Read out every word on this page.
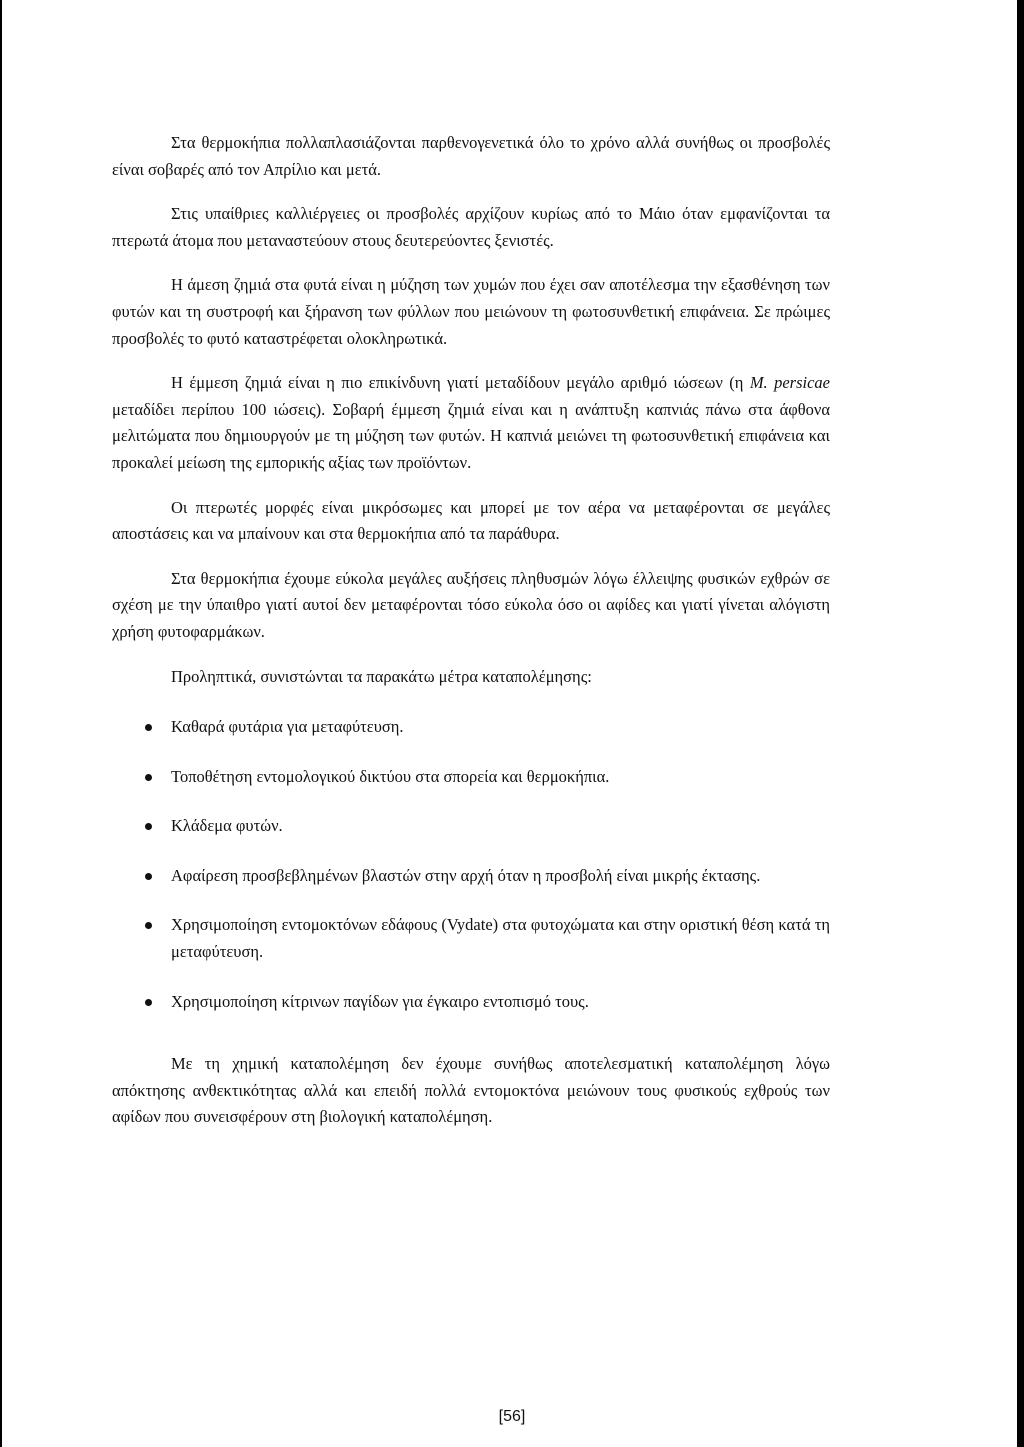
Στα θερμοκήπια πολλαπλασιάζονται παρθενογενετικά όλο το χρόνο αλλά συνήθως οι προσβολές είναι σοβαρές από τον Απρίλιο και μετά.

Στις υπαίθριες καλλιέργειες οι προσβολές αρχίζουν κυρίως από το Μάιο όταν εμφανίζονται τα πτερωτά άτομα που μεταναστεύουν στους δευτερεύοντες ξενιστές.

Η άμεση ζημιά στα φυτά είναι η μύζηση των χυμών που έχει σαν αποτέλεσμα την εξασθένηση των φυτών και τη συστροφή και ξήρανση των φύλλων που μειώνουν τη φωτοσυνθετική επιφάνεια. Σε πρώιμες προσβολές το φυτό καταστρέφεται ολοκληρωτικά.

Η έμμεση ζημιά είναι η πιο επικίνδυνη γιατί μεταδίδουν μεγάλο αριθμό ιώσεων (η M. persicae μεταδίδει περίπου 100 ιώσεις). Σοβαρή έμμεση ζημιά είναι και η ανάπτυξη καπνιάς πάνω στα άφθονα μελιτώματα που δημιουργούν με τη μύζηση των φυτών. Η καπνιά μειώνει τη φωτοσυνθετική επιφάνεια και προκαλεί μείωση της εμπορικής αξίας των προϊόντων.

Οι πτερωτές μορφές είναι μικρόσωμες και μπορεί με τον αέρα να μεταφέρονται σε μεγάλες αποστάσεις και να μπαίνουν και στα θερμοκήπια από τα παράθυρα.

Στα θερμοκήπια έχουμε εύκολα μεγάλες αυξήσεις πληθυσμών λόγω έλλειψης φυσικών εχθρών σε σχέση με την ύπαιθρο γιατί αυτοί δεν μεταφέρονται τόσο εύκολα όσο οι αφίδες και γιατί γίνεται αλόγιστη χρήση φυτοφαρμάκων.

Προληπτικά, συνιστώνται τα παρακάτω μέτρα καταπολέμησης:

Καθαρά φυτάρια για μεταφύτευση.
Τοποθέτηση εντομολογικού δικτύου στα σπορεία και θερμοκήπια.
Κλάδεμα φυτών.
Αφαίρεση προσβεβλημένων βλαστών στην αρχή όταν η προσβολή είναι μικρής έκτασης.
Χρησιμοποίηση εντομοκτόνων εδάφους (Vydate) στα φυτοχώματα και στην οριστική θέση κατά τη μεταφύτευση.
Χρησιμοποίηση κίτρινων παγίδων για έγκαιρο εντοπισμό τους.

Με τη χημική καταπολέμηση δεν έχουμε συνήθως αποτελεσματική καταπολέμηση λόγω απόκτησης ανθεκτικότητας αλλά και επειδή πολλά εντομοκτόνα μειώνουν τους φυσικούς εχθρούς των αφίδων που συνεισφέρουν στη βιολογική καταπολέμηση.

[56]
